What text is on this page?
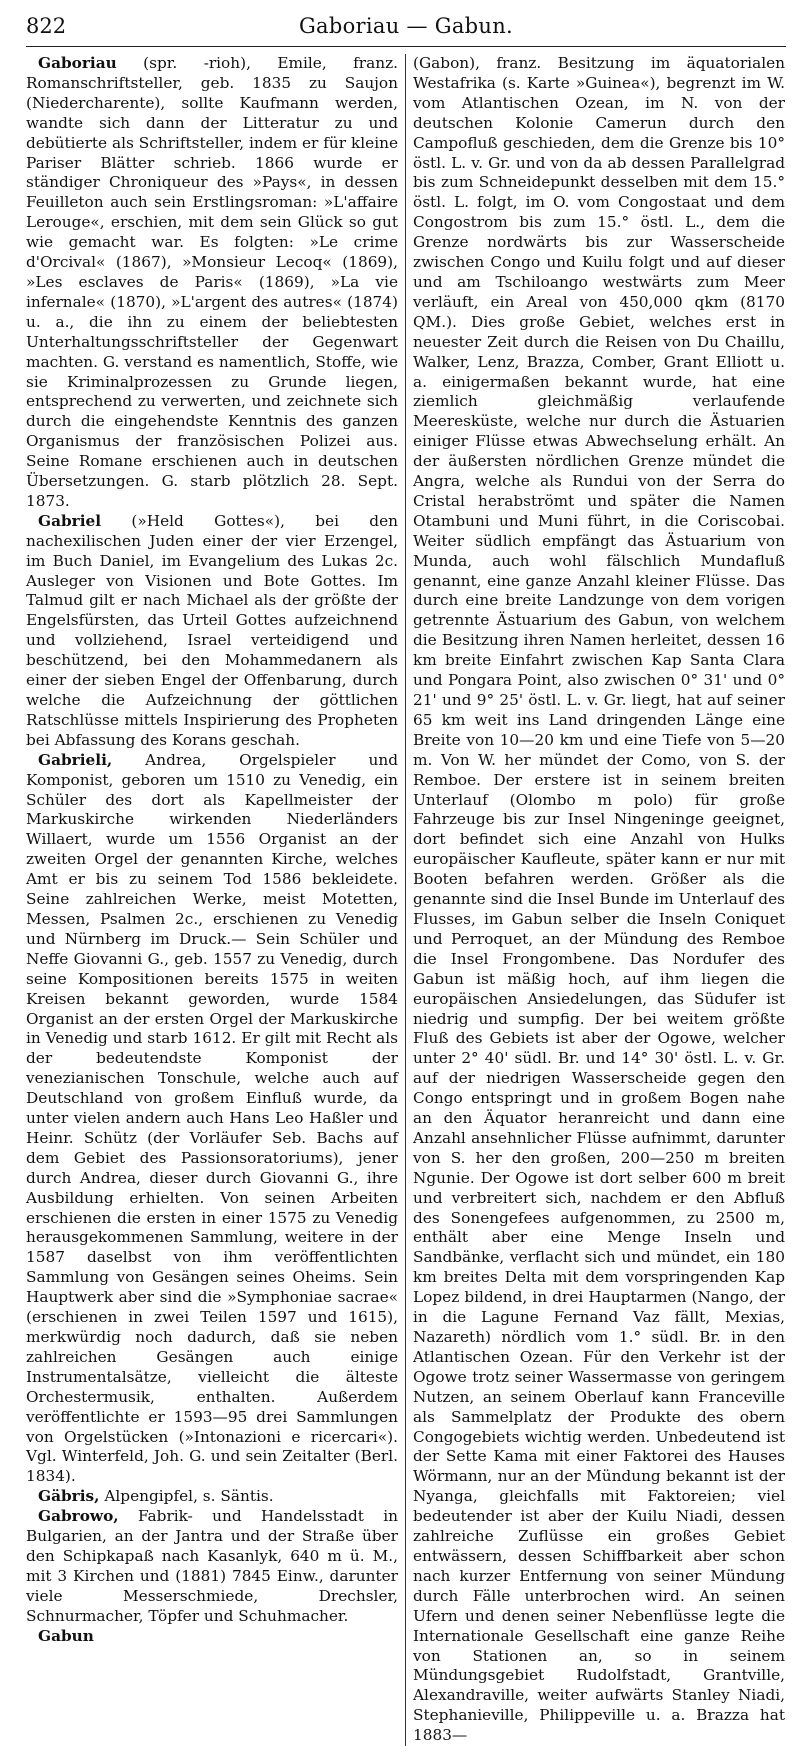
822	Gaboriau — Gabun.

Gaboriau (spr. -rioh), Emile, franz. Romanschriftsteller, geb. 1835 zu Saujon (Niedercharente), sollte Kaufmann werden, wandte sich dann der Litteratur zu und debütierte als Schriftsteller, indem er für kleine Pariser Blätter schrieb. 1866 wurde er ständiger Chroniqueur des »Pays«, in dessen Feuilleton auch sein Erstlingsroman: »L'affaire Lerouge«, erschien, mit dem sein Glück so gut wie gemacht war. Es folgten: »Le crime d'Orcival« (1867), »Monsieur Lecoq« (1869), »Les esclaves de Paris« (1869), »La vie infernale« (1870), »L'argent des autres« (1874) u. a., die ihn zu einem der beliebtesten Unterhaltungsschriftsteller der Gegenwart machten. G. verstand es namentlich, Stoffe, wie sie Kriminalprozessen zu Grunde liegen, entsprechend zu verwerten, und zeichnete sich durch die eingehendste Kenntnis des ganzen Organismus der französischen Polizei aus. Seine Romane erschienen auch in deutschen Übersetzungen. G. starb plötzlich 28. Sept. 1873.

Gabriel (»Held Gottes«), bei den nachexilischen Juden einer der vier Erzengel, im Buch Daniel, im Evangelium des Lukas 2c. Ausleger von Visionen und Bote Gottes. Im Talmud gilt er nach Michael als der größte der Engelsfürsten, das Urteil Gottes aufzeichnend und vollziehend, Israel verteidigend und beschützend, bei den Mohammedanern als einer der sieben Engel der Offenbarung, durch welche die Aufzeichnung der göttlichen Ratschlüsse mittels Inspirierung des Propheten bei Abfassung des Korans geschah.

Gabrieli, Andrea, Orgelspieler und Komponist, geboren um 1510 zu Venedig, ein Schüler des dort als Kapellmeister der Markuskirche wirkenden Niederländers Willaert, wurde um 1556 Organist an der zweiten Orgel der genannten Kirche, welches Amt er bis zu seinem Tod 1586 bekleidete. Seine zahlreichen Werke, meist Motetten, Messen, Psalmen 2c., erschienen zu Venedig und Nürnberg im Druck.— Sein Schüler und Neffe Giovanni G., geb. 1557 zu Venedig, durch seine Kompositionen bereits 1575 in weiten Kreisen bekannt geworden, wurde 1584 Organist an der ersten Orgel der Markuskirche in Venedig und starb 1612. Er gilt mit Recht als der bedeutendste Komponist der venezianischen Tonschule, welche auch auf Deutschland von großem Einfluß wurde, da unter vielen andern auch Hans Leo Haßler und Heinr. Schütz (der Vorläufer Seb. Bachs auf dem Gebiet des Passionsoratoriums), jener durch Andrea, dieser durch Giovanni G., ihre Ausbildung erhielten. Von seinen Arbeiten erschienen die ersten in einer 1575 zu Venedig herausgekommenen Sammlung, weitere in der 1587 daselbst von ihm veröffentlichten Sammlung von Gesängen seines Oheims. Sein Hauptwerk aber sind die »Symphoniae sacrae« (erschienen in zwei Teilen 1597 und 1615), merkwürdig noch dadurch, daß sie neben zahlreichen Gesängen auch einige Instrumentalsätze, vielleicht die älteste Orchestermusik, enthalten. Außerdem veröffentlichte er 1593—95 drei Sammlungen von Orgelstücken (»Intonazioni e ricercari«). Vgl. Winterfeld, Joh. G. und sein Zeitalter (Berl. 1834).

Gäbris, Alpengipfel, s. Säntis.

Gabrowo, Fabrik- und Handelsstadt in Bulgarien, an der Jantra und der Straße über den Schipkapaß nach Kasanlyk, 640 m ü. M., mit 3 Kirchen und (1881) 7845 Einw., darunter viele Messerschmiede, Drechsler, Schnurmacher, Töpfer und Schuhmacher.

Gabun

(Gabon), franz. Besitzung im äquatorialen Westafrika (s. Karte »Guinea«), begrenzt im W. vom Atlantischen Ozean, im N. von der deutschen Kolonie Camerun durch den Campofluß geschieden, dem die Grenze bis 10° östl. L. v. Gr. und von da ab dessen Parallelgrad bis zum Schneidepunkt desselben mit dem 15.° östl. L. folgt, im O. vom Congostaat und dem Congostrom bis zum 15.° östl. L., dem die Grenze nordwärts bis zur Wasserscheide zwischen Congo und Kuilu folgt und auf dieser und am Tschiloango westwärts zum Meer verläuft, ein Areal von 450,000 qkm (8170 QM.). Dies große Gebiet, welches erst in neuester Zeit durch die Reisen von Du Chaillu, Walker, Lenz, Brazza, Comber, Grant Elliott u. a. einigermaßen bekannt wurde, hat eine ziemlich gleichmäßig verlaufende Meeresküste, welche nur durch die Ästuarien einiger Flüsse etwas Abwechselung erhält. An der äußersten nördlichen Grenze mündet die Angra, welche als Rundui von der Serra do Cristal herabströmt und später die Namen Otambuni und Muni führt, in die Coriscobai. Weiter südlich empfängt das Ästuarium von Munda, auch wohl fälschlich Mundafluß genannt, eine ganze Anzahl kleiner Flüsse. Das durch eine breite Landzunge von dem vorigen getrennte Ästuarium des Gabun, von welchem die Besitzung ihren Namen herleitet, dessen 16 km breite Einfahrt zwischen Kap Santa Clara und Pongara Point, also zwischen 0° 31' und 0° 21' und 9° 25' östl. L. v. Gr. liegt, hat auf seiner 65 km weit ins Land dringenden Länge eine Breite von 10—20 km und eine Tiefe von 5—20 m. Von W. her mündet der Como, von S. der Remboe. Der erstere ist in seinem breiten Unterlauf (Olombo m polo) für große Fahrzeuge bis zur Insel Ningeninge geeignet, dort befindet sich eine Anzahl von Hulks europäischer Kaufleute, später kann er nur mit Booten befahren werden. Größer als die genannte sind die Insel Bunde im Unterlauf des Flusses, im Gabun selber die Inseln Coniquet und Perroquet, an der Mündung des Remboe die Insel Frongombene. Das Nordufer des Gabun ist mäßig hoch, auf ihm liegen die europäischen Ansiedelungen, das Südufer ist niedrig und sumpfig. Der bei weitem größte Fluß des Gebiets ist aber der Ogowe, welcher unter 2° 40' südl. Br. und 14° 30' östl. L. v. Gr. auf der niedrigen Wasserscheide gegen den Congo entspringt und in großem Bogen nahe an den Äquator heranreicht und dann eine Anzahl ansehnlicher Flüsse aufnimmt, darunter von S. her den großen, 200—250 m breiten Ngunie. Der Ogowe ist dort selber 600 m breit und verbreitert sich, nachdem er den Abfluß des Sonengefees aufgenommen, zu 2500 m, enthält aber eine Menge Inseln und Sandbänke, verflacht sich und mündet, ein 180 km breites Delta mit dem vorspringenden Kap Lopez bildend, in drei Hauptarmen (Nango, der in die Lagune Fernand Vaz fällt, Mexias, Nazareth) nördlich vom 1.° südl. Br. in den Atlantischen Ozean. Für den Verkehr ist der Ogowe trotz seiner Wassermasse von geringem Nutzen, an seinem Oberlauf kann Franceville als Sammelplatz der Produkte des obern Congogebiets wichtig werden. Unbedeutend ist der Sette Kama mit einer Faktorei des Hauses Wörmann, nur an der Mündung bekannt ist der Nyanga, gleichfalls mit Faktoreien; viel bedeutender ist aber der Kuilu Niadi, dessen zahlreiche Zuflüsse ein großes Gebiet entwässern, dessen Schiffbarkeit aber schon nach kurzer Entfernung von seiner Mündung durch Fälle unterbrochen wird. An seinen Ufern und denen seiner Nebenflüsse legte die Internationale Gesellschaft eine ganze Reihe von Stationen an, so in seinem Mündungsgebiet Rudolfstadt, Grantville, Alexandraville, weiter aufwärts Stanley Niadi, Stephanieville, Philippeville u. a. Brazza hat 1883—
